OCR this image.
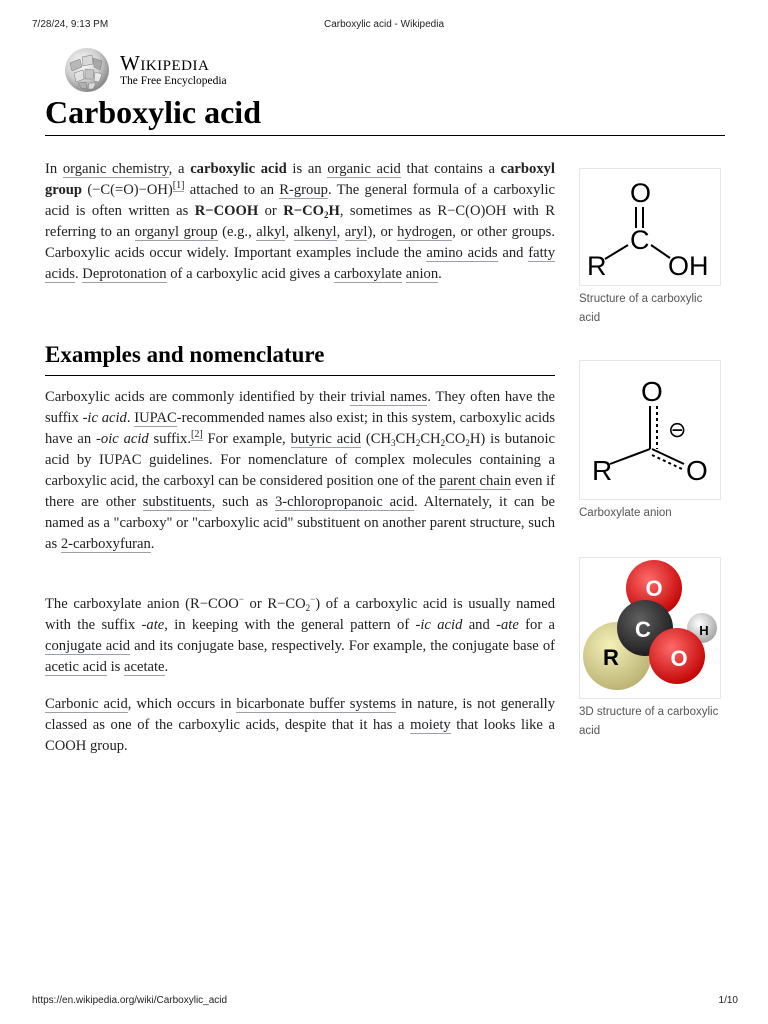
7/28/24, 9:13 PM	Carboxylic acid - Wikipedia
Wikipedia
The Free Encyclopedia
Carboxylic acid

In organic chemistry, a carboxylic acid is an organic acid that contains a carboxyl group (−C(=O)−OH)[1] attached to an R-group. The general formula of a carboxylic acid is often written as R−COOH or $R-CO_2H$, sometimes as R−C(O)OH with R referring to an organyl group (e.g., alkyl, alkenyl, aryl), or hydrogen, or other groups. Carboxylic acids occur widely. Important examples include the amino acids and fatty acids. Deprotonation of a carboxylic acid gives a carboxylate anion.

Examples and nomenclature

Carboxylic acids are commonly identified by their trivial names. They often have the suffix -ic acid. IUPAC-recommended names also exist; in this system, carboxylic acids have an -oic acid suffix.[2] For example, butyric acid $(CH_3CH_2CH_2CO_2H)$ is butanoic acid by IUPAC guidelines. For nomenclature of complex molecules containing a carboxylic acid, the carboxyl can be considered position one of the parent chain even if there are other substituents, such as 3-chloropropanoic acid. Alternately, it can be named as a "carboxy" or "carboxylic acid" substituent on another parent structure, such as 2-carboxyfuran.

The carboxylate anion (R−COO− or $R-CO_2^-$) of a carboxylic acid is usually named with the suffix -ate, in keeping with the general pattern of -ic acid and -ate for a conjugate acid and its conjugate base, respectively. For example, the conjugate base of acetic acid is acetate.

Carbonic acid, which occurs in bicarbonate buffer systems in nature, is not generally classed as one of the carboxylic acids, despite that it has a moiety that looks like a COOH group.

O
C
R OH
Structure of a carboxylic acid
O
R	O
⊖
Carboxylate anion
O
C
O
R
H
3D structure of a carboxylic acid
https://en.wikipedia.org/wiki/Carboxylic_acid	1/10
